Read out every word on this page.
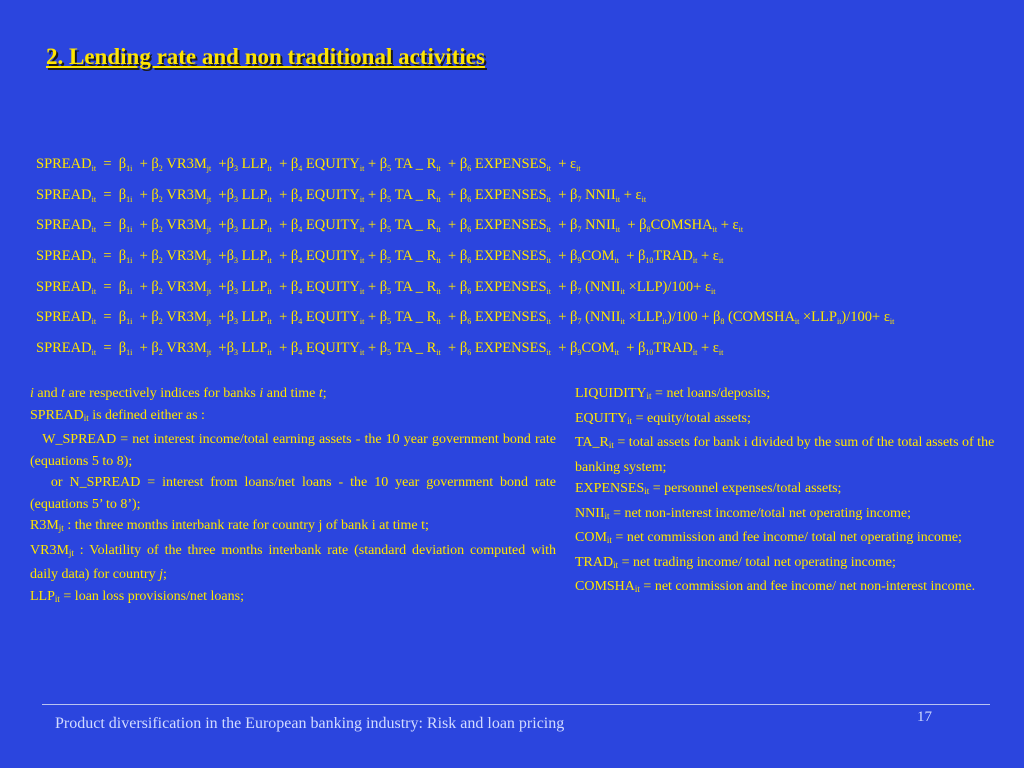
2. Lending rate and non traditional activities
$SPREAD_{it} = \beta_{1i} + \beta_2$ $VR3M_{jt} +\beta_3$ $LLP_{it} + \beta_4$ $EQUITY_{it} + \beta_5$ TA _ $R_{it} + \beta_6$ $EXPENSES_{it} + \varepsilon_{it}$
$SPREAD_{it} = \beta_{1i} + \beta_2$ $VR3M_{jt} +\beta_3$ $LLP_{it} + \beta_4$ $EQUITY_{it} + \beta_5$ TA _ $R_{it} + \beta_6$ $EXPENSES_{it} + \beta_7$ $NNII_{it} + \varepsilon_{it}$
$SPREAD_{it} = \beta_{1i} + \beta_2$ $VR3M_{jt} +\beta_3$ $LLP_{it} + \beta_4$ $EQUITY_{it} + \beta_5$ TA _ $R_{it} + \beta_6$ $EXPENSES_{it} + \beta_7$ $NNII_{it}$  + $\beta_8COMSHA_{it} + \varepsilon_{it}$
$SPREAD_{it} = \beta_{1i} + \beta_2$ $VR3M_{jt} +\beta_3$ $LLP_{it} + \beta_4$ $EQUITY_{it} + \beta_5$ TA _ $R_{it} + \beta_6$ $EXPENSES_{it} + \beta_9COM_{it}$  + $\beta_{10}TRAD_{it} + \varepsilon_{it}$
$SPREAD_{it} = \beta_{1i} + \beta_2$ $VR3M_{jt} +\beta_3$ $LLP_{it} + \beta_4$ $EQUITY_{it} + \beta_5$ TA _ $R_{it} + \beta_6$ $EXPENSES_{it} + \beta_7$ $(NNII_{it} \times LLP)/100+ \varepsilon_{it}$
$SPREAD_{it} = \beta_{1i} + \beta_2$ $VR3M_{jt} +\beta_3$ $LLP_{it} + \beta_4$ $EQUITY_{it} + \beta_5$ TA _ $R_{it} + \beta_6$ $EXPENSES_{it} + \beta_7$ $(NNII_{it} \times LLP_{it})/100 + \beta_8$ $(COMSHA_{it} \times LLP_{it})/100+ \varepsilon_{it}$
$SPREAD_{it} = \beta_{1i} + \beta_2$ $VR3M_{jt} +\beta_3$ $LLP_{it} + \beta_4$ $EQUITY_{it} + \beta_5$ TA _ $R_{it} + \beta_6$ $EXPENSES_{it} + \beta_9COM_{it}$  + $\beta_{10}TRAD_{it} + \varepsilon_{it}$

i and t are respectively indices for banks i and time t;

$SPREAD_{it}$ is defined either as :

W_SPREAD = net interest income/total earning assets - the 10 year government bond rate (equations 5 to 8);

or N_SPREAD = interest from loans/net loans - the 10 year government bond rate (equations 5’ to 8’);

$R3M_{jt}$ : the three months interbank rate for country j of bank i at time t;

$VR3M_{jt}$ : Volatility of the three months interbank rate (standard deviation computed with daily data) for country j;

$LLP_{it}$ = loan loss provisions/net loans;

$LIQUIDITY_{it}$ = net loans/deposits;

$EQUITY_{it}$ = equity/total assets;

$TA\_R_{it}$ = total assets for bank i divided by the sum of the total assets of the banking system;

$EXPENSES_{it}$ = personnel expenses/total assets;

$NNII_{it}$ = net non-interest income/total net operating income;

$COM_{it}$ = net commission and fee income/ total net operating income;

$TRAD_{it}$ = net trading income/ total net operating income;

$COMSHA_{it}$ = net commission and fee income/ net non-interest income.

Product diversification in the European banking industry: Risk and loan pricing	17
